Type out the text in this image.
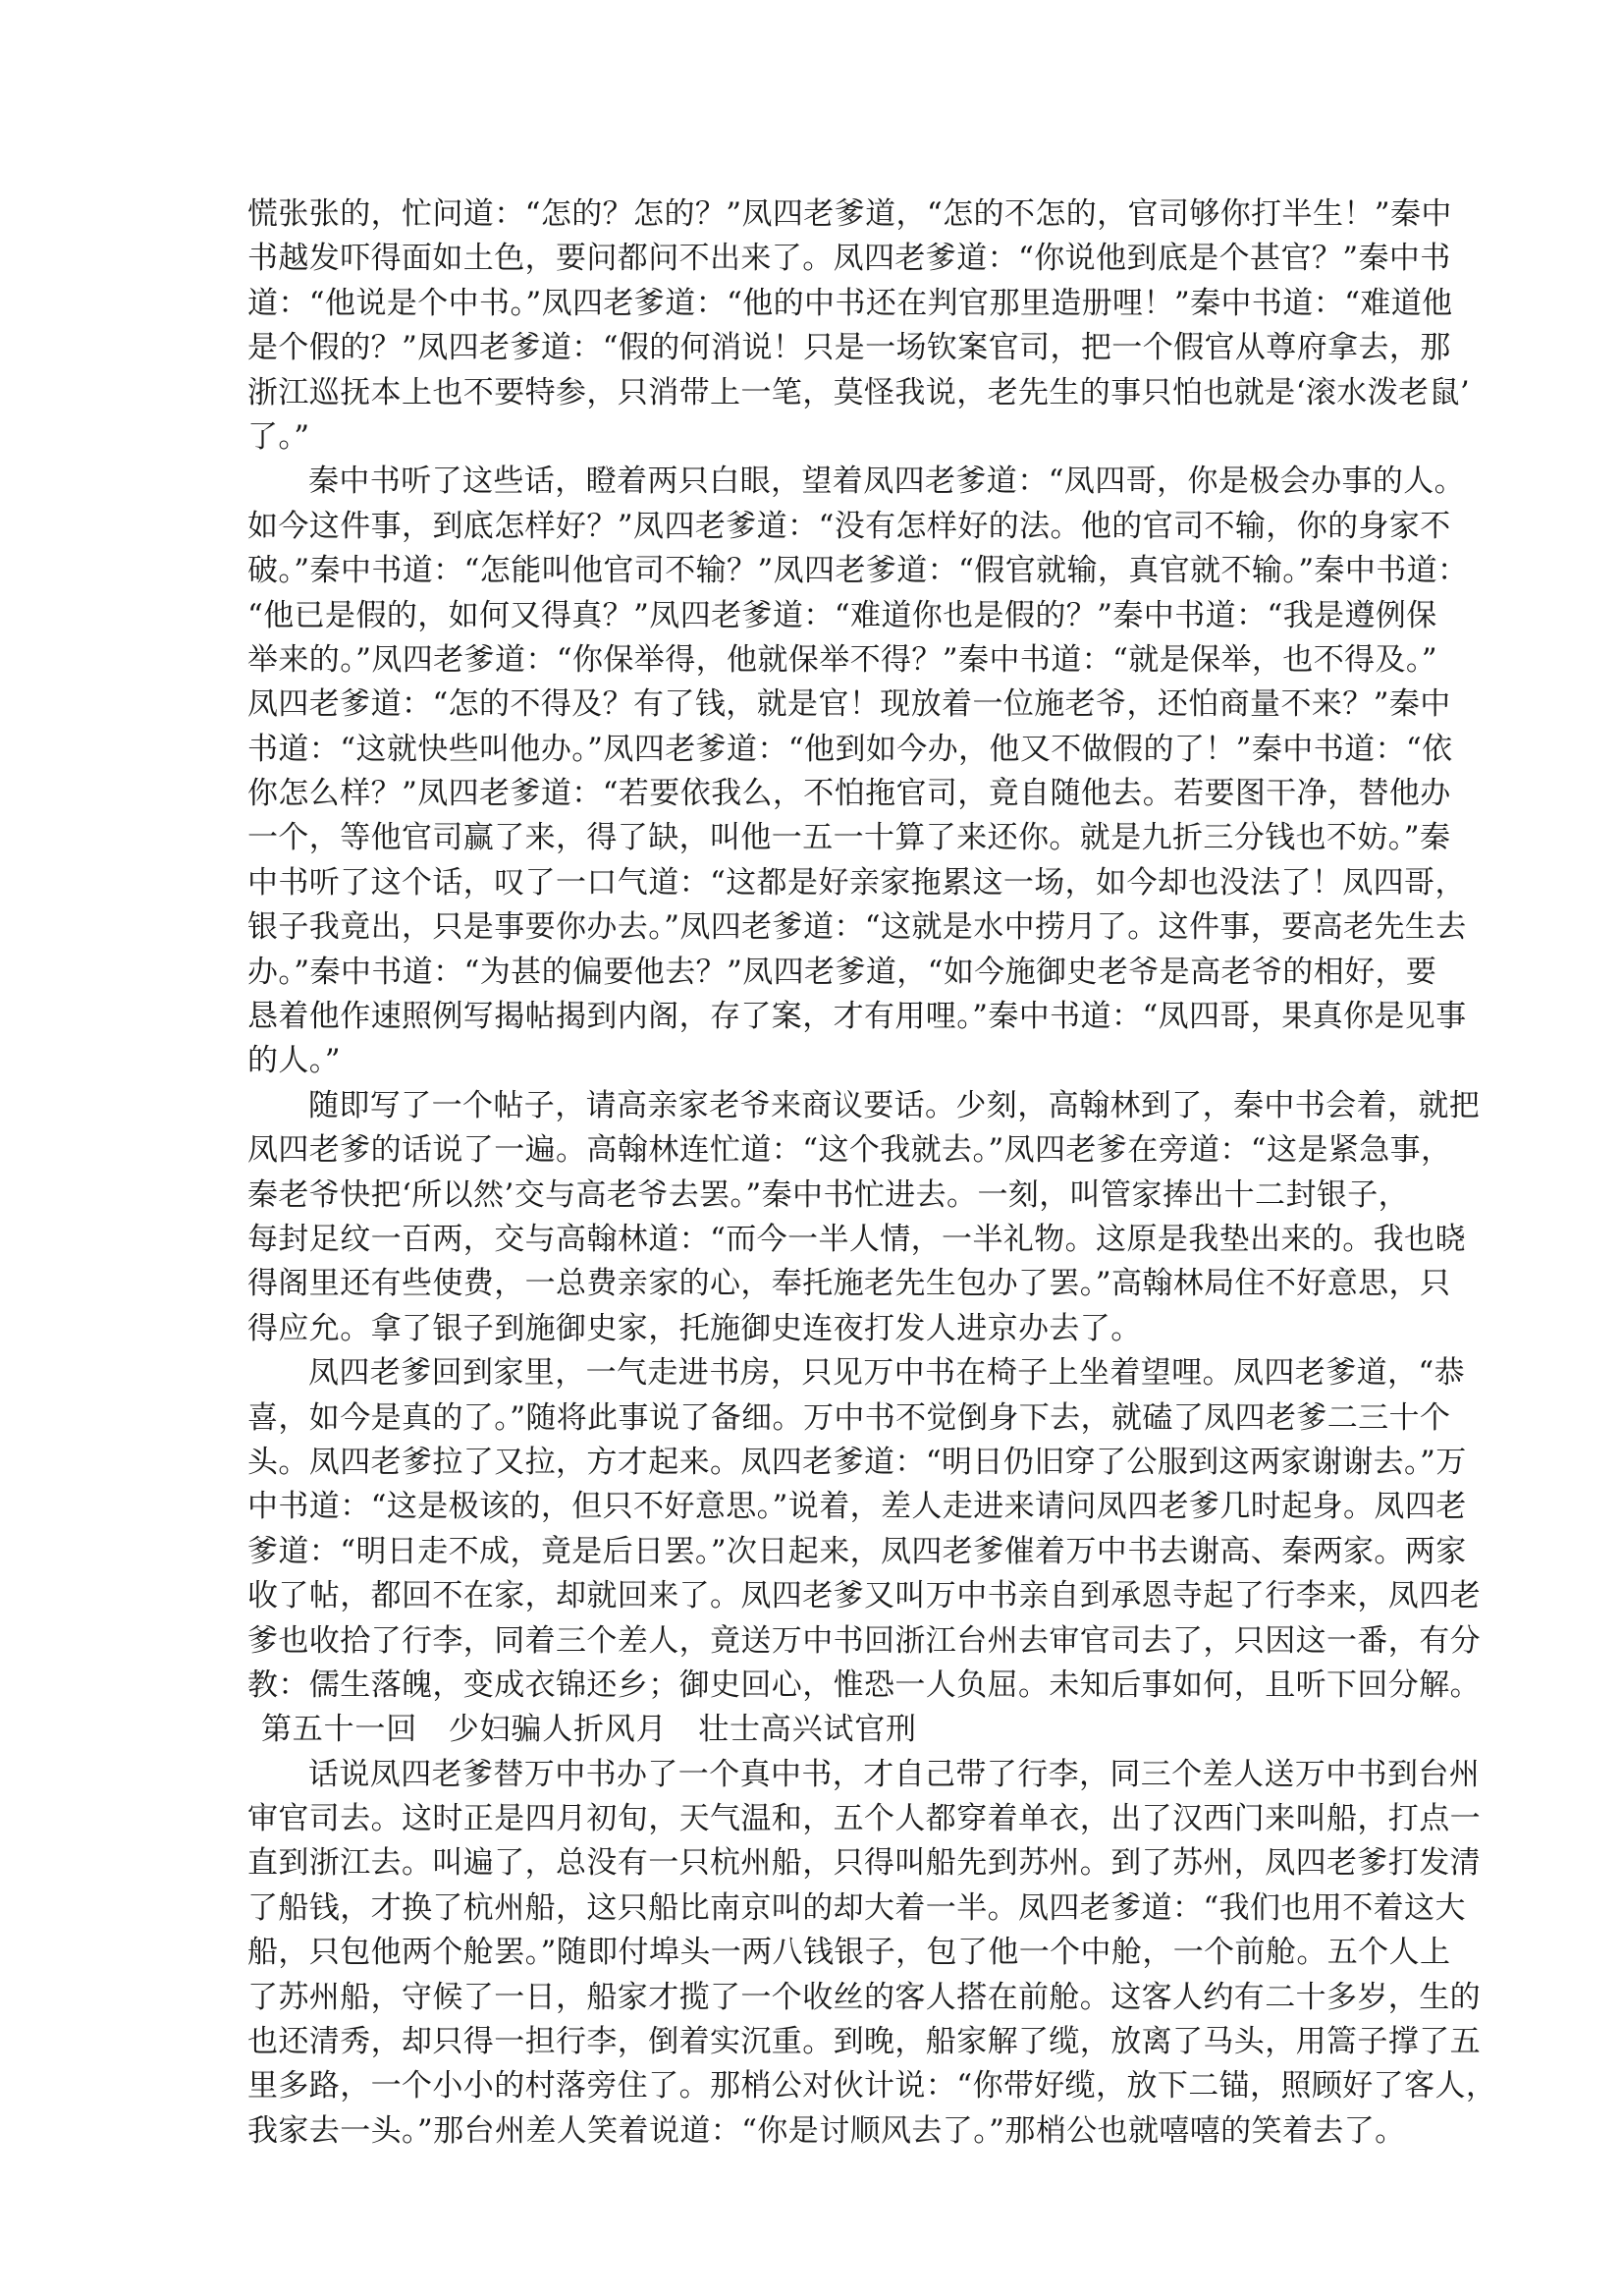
慌张张的，忙问道：“怎的？怎的？”凤四老爹道，“怎的不怎的，官司够你打半生！”秦中
书越发吓得面如土色，要问都问不出来了。凤四老爹道：“你说他到底是个甚官？”秦中书
道：“他说是个中书。”凤四老爹道：“他的中书还在判官那里造册哩！”秦中书道：“难道他
是个假的？”凤四老爹道：“假的何消说！只是一场钦案官司，把一个假官从尊府拿去，那
浙江巡抚本上也不要特参，只消带上一笔，莫怪我说，老先生的事只怕也就是‘滚水泼老鼠’
了。”
秦中书听了这些话，瞪着两只白眼，望着凤四老爹道：“凤四哥，你是极会办事的人。
如今这件事，到底怎样好？”凤四老爹道：“没有怎样好的法。他的官司不输，你的身家不
破。”秦中书道：“怎能叫他官司不输？”凤四老爹道：“假官就输，真官就不输。”秦中书道：
“他已是假的，如何又得真？”凤四老爹道：“难道你也是假的？”秦中书道：“我是遵例保
举来的。”凤四老爹道：“你保举得，他就保举不得？”秦中书道：“就是保举，也不得及。”
凤四老爹道：“怎的不得及？有了钱，就是官！现放着一位施老爷，还怕商量不来？”秦中
书道：“这就快些叫他办。”凤四老爹道：“他到如今办，他又不做假的了！”秦中书道：“依
你怎么样？”凤四老爹道：“若要依我么，不怕拖官司，竟自随他去。若要图干净，替他办
一个，等他官司赢了来，得了缺，叫他一五一十算了来还你。就是九折三分钱也不妨。”秦
中书听了这个话，叹了一口气道：“这都是好亲家拖累这一场，如今却也没法了！凤四哥，
银子我竟出，只是事要你办去。”凤四老爹道：“这就是水中捞月了。这件事，要高老先生去
办。”秦中书道：“为甚的偏要他去？”凤四老爹道，“如今施御史老爷是高老爷的相好，要
恳着他作速照例写揭帖揭到内阁，存了案，才有用哩。”秦中书道：“凤四哥，果真你是见事
的人。”
随即写了一个帖子，请高亲家老爷来商议要话。少刻，高翰林到了，秦中书会着，就把
凤四老爹的话说了一遍。高翰林连忙道：“这个我就去。”凤四老爹在旁道：“这是紧急事，
秦老爷快把‘所以然’交与高老爷去罢。”秦中书忙进去。一刻，叫管家捧出十二封银子，
每封足纹一百两，交与高翰林道：“而今一半人情，一半礼物。这原是我垫出来的。我也晓
得阁里还有些使费，一总费亲家的心，奉托施老先生包办了罢。”高翰林局住不好意思，只
得应允。拿了银子到施御史家，托施御史连夜打发人进京办去了。
凤四老爹回到家里，一气走进书房，只见万中书在椅子上坐着望哩。凤四老爹道，“恭
喜，如今是真的了。”随将此事说了备细。万中书不觉倒身下去，就磕了凤四老爹二三十个
头。凤四老爹拉了又拉，方才起来。凤四老爹道：“明日仍旧穿了公服到这两家谢谢去。”万
中书道：“这是极该的，但只不好意思。”说着，差人走进来请问凤四老爹几时起身。凤四老
爹道：“明日走不成，竟是后日罢。”次日起来，凤四老爹催着万中书去谢高、秦两家。两家
收了帖，都回不在家，却就回来了。凤四老爹又叫万中书亲自到承恩寺起了行李来，凤四老
爹也收拾了行李，同着三个差人，竟送万中书回浙江台州去审官司去了，只因这一番，有分
教：儒生落魄，变成衣锦还乡；御史回心，惟恐一人负屈。未知后事如何，且听下回分解。
第五十一回　少妇骗人折风月　壮士高兴试官刑
话说凤四老爹替万中书办了一个真中书，才自己带了行李，同三个差人送万中书到台州
审官司去。这时正是四月初旬，天气温和，五个人都穿着单衣，出了汉西门来叫船，打点一
直到浙江去。叫遍了，总没有一只杭州船，只得叫船先到苏州。到了苏州，凤四老爹打发清
了船钱，才换了杭州船，这只船比南京叫的却大着一半。凤四老爹道：“我们也用不着这大
船，只包他两个舱罢。”随即付埠头一两八钱银子，包了他一个中舱，一个前舱。五个人上
了苏州船，守候了一日，船家才揽了一个收丝的客人搭在前舱。这客人约有二十多岁，生的
也还清秀，却只得一担行李，倒着实沉重。到晚，船家解了缆，放离了马头，用篙子撑了五
里多路，一个小小的村落旁住了。那梢公对伙计说：“你带好缆，放下二锚，照顾好了客人，
我家去一头。”那台州差人笑着说道：“你是讨顺风去了。”那梢公也就嘻嘻的笑着去了。
